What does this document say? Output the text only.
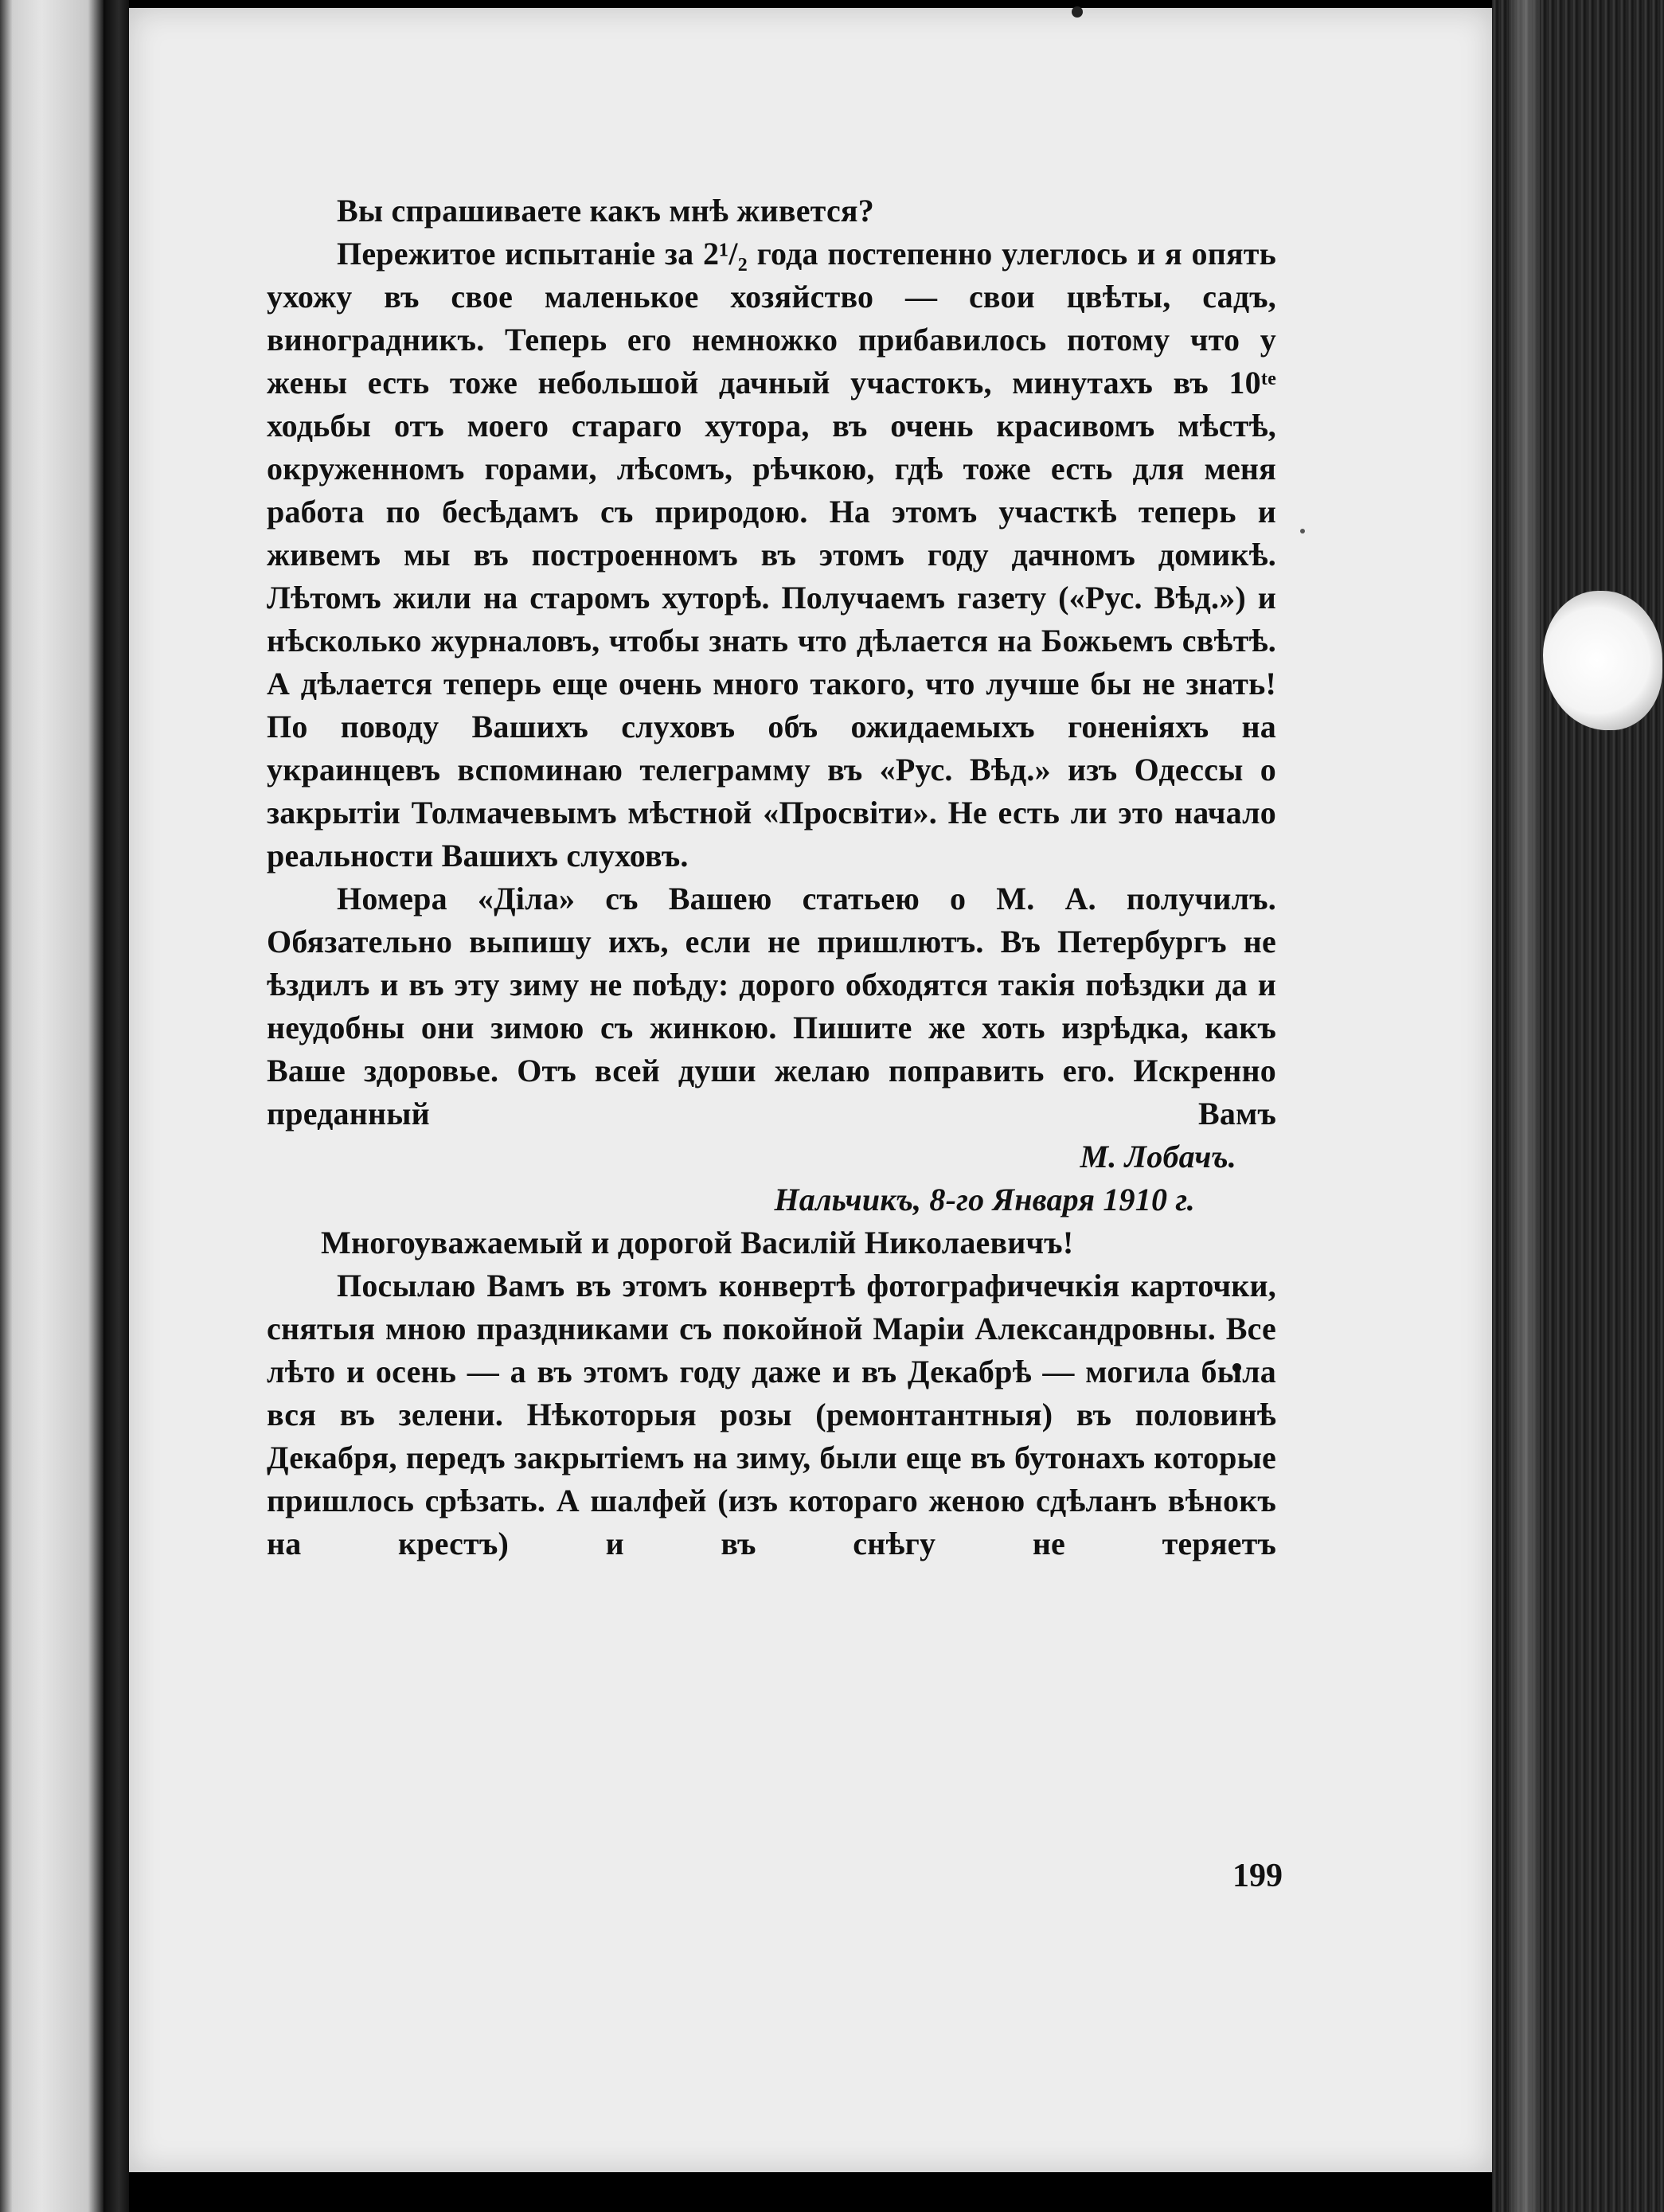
Вы спрашиваете какъ мнѣ живется?

Пережитое испытаніе за 2¹/₂ года постепенно улеглось и я опять ухожу въ свое маленькое хозяйство — свои цвѣты, садъ, виноградникъ. Теперь его немножко прибавилось потому что у жены есть тоже небольшой дачный участокъ, минутахъ въ 10ᵗᵉ ходьбы отъ моего стараго хутора, въ очень красивомъ мѣстѣ, окруженномъ горами, лѣсомъ, рѣчкою, гдѣ тоже есть для меня работа по бесѣдамъ съ природою. На этомъ участкѣ теперь и живемъ мы въ построенномъ въ этомъ году дачномъ домикѣ. Лѣтомъ жили на старомъ хуторѣ. Получаемъ газету («Рус. Вѣд.») и нѣсколько журналовъ, чтобы знать что дѣлается на Божьемъ свѣтѣ. А дѣлается теперь еще очень много такого, что лучше бы не знать! По поводу Вашихъ слуховъ объ ожидаемыхъ гоненіяхъ на украинцевъ вспоминаю телеграмму въ «Рус. Вѣд.» изъ Одессы о закрытіи Толмачевымъ мѣстной «Просвіти». Не есть ли это начало реальности Вашихъ слуховъ.

Номера «Діла» съ Вашею статьею о М. А. получилъ. Обязательно выпишу ихъ, если не пришлютъ. Въ Петербургъ не ѣздилъ и въ эту зиму не поѣду: дорого обходятся такія поѣздки да и неудобны они зимою съ жинкою. Пишите же хоть изрѣдка, какъ Ваше здоровье. Отъ всей души желаю поправить его. Искренно преданный Вамъ

М. Лобачъ.

Нальчикъ, 8-го Января 1910 г.

Многоуважаемый и дорогой Василій Николаевичъ!

Посылаю Вамъ въ этомъ конвертѣ фотографичечкія карточки, снятыя мною праздниками съ покойной Маріи Александровны. Все лѣто и осень — а въ этомъ году даже и въ Декабрѣ — могила была вся въ зелени. Нѣкоторыя розы (ремонтантныя) въ половинѣ Декабря, передъ закрытіемъ на зиму, были еще въ бутонахъ которые пришлось срѣзать. А шалфей (изъ котораго женою сдѣланъ вѣнокъ на крестъ) и въ снѣгу не теряетъ

199
